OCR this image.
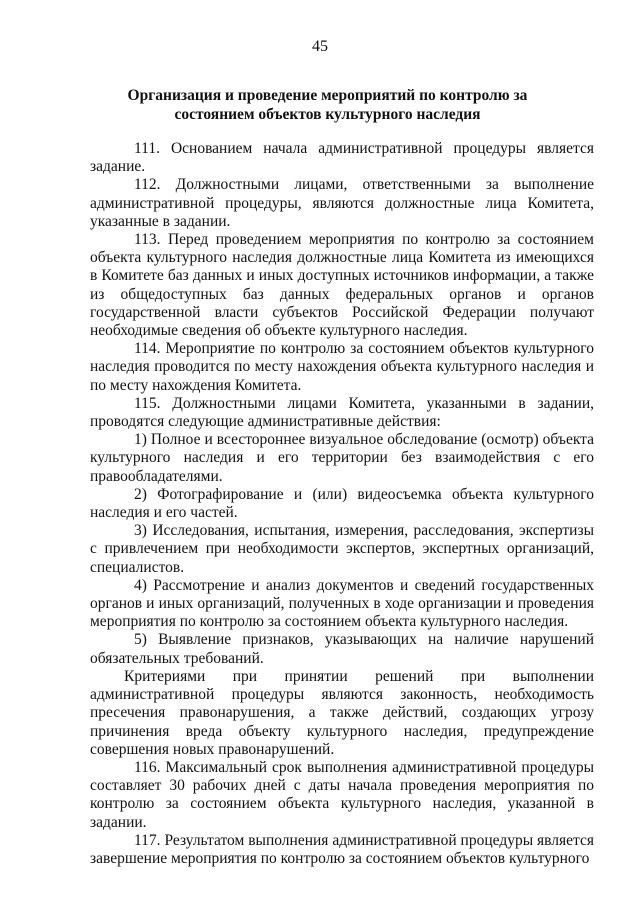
45
Организация и проведение мероприятий по контролю за состоянием объектов культурного наследия

111. Основанием начала административной процедуры является задание.

112. Должностными лицами, ответственными за выполнение административной процедуры, являются должностные лица Комитета, указанные в задании.

113. Перед проведением мероприятия по контролю за состоянием объекта культурного наследия должностные лица Комитета из имеющихся в Комитете баз данных и иных доступных источников информации, а также из общедоступных баз данных федеральных органов и органов государственной власти субъектов Российской Федерации получают необходимые сведения об объекте культурного наследия.

114. Мероприятие по контролю за состоянием объектов культурного наследия проводится по месту нахождения объекта культурного наследия и по месту нахождения Комитета.

115. Должностными лицами Комитета, указанными в задании, проводятся следующие административные действия:

1) Полное и всестороннее визуальное обследование (осмотр) объекта культурного наследия и его территории без взаимодействия с его правообладателями.

2) Фотографирование и (или) видеосъемка объекта культурного наследия и его частей.

3) Исследования, испытания, измерения, расследования, экспертизы с привлечением при необходимости экспертов, экспертных организаций, специалистов.

4) Рассмотрение и анализ документов и сведений государственных органов и иных организаций, полученных в ходе организации и проведения мероприятия по контролю за состоянием объекта культурного наследия.

5) Выявление признаков, указывающих на наличие нарушений обязательных требований.

Критериями при принятии решений при выполнении административной процедуры являются законность, необходимость пресечения правонарушения, а также действий, создающих угрозу причинения вреда объекту культурного наследия, предупреждение совершения новых правонарушений.

116. Максимальный срок выполнения административной процедуры составляет 30 рабочих дней с даты начала проведения мероприятия по контролю за состоянием объекта культурного наследия, указанной в задании.

117. Результатом выполнения административной процедуры является завершение мероприятия по контролю за состоянием объектов культурного
